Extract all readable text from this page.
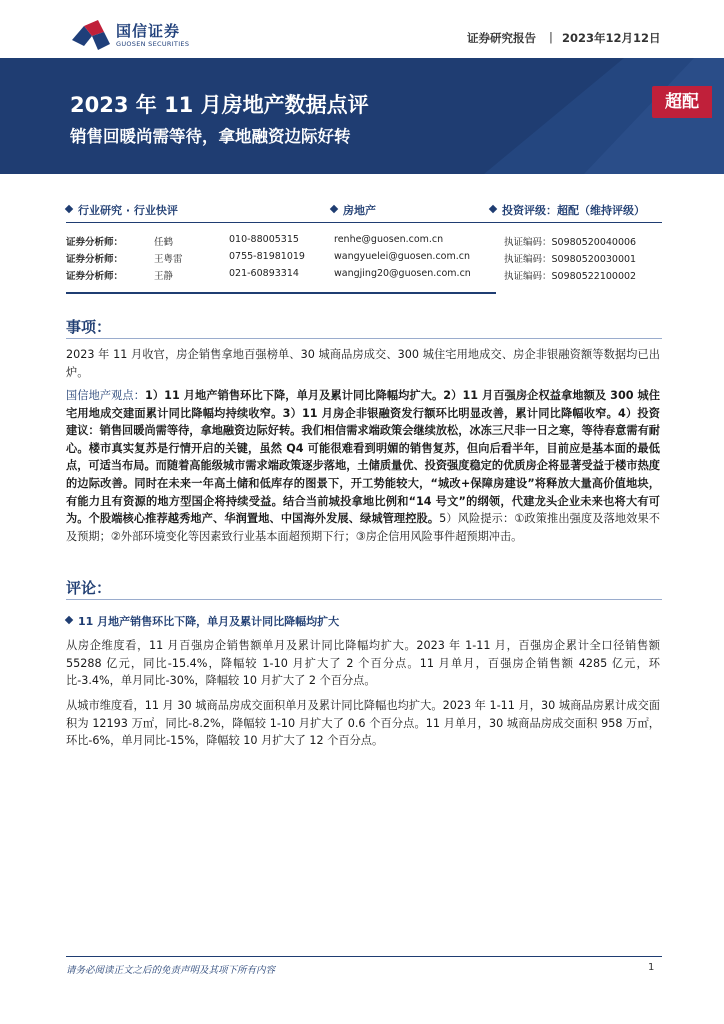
国信证券
GUOSEN SECURITIES	证券研究报告 | 2023年12月12日
2023 年 11 月房地产数据点评
销售回暖尚需等待，拿地融资边际好转
超配
行业研究 · 行业快评	房地产	投资评级：超配（维持评级）
证券分析师：	任鹤	010-88005315	renhe@guosen.com.cn	执证编码：S0980520040006
证券分析师：	王粤雷	0755-81981019	wangyuelei@guosen.com.cn	执证编码：S0980520030001
证券分析师：	王静	021-60893314	wangjing20@guosen.com.cn	执证编码：S0980522100002
事项：
2023 年 11 月收官，房企销售拿地百强榜单、30 城商品房成交、300 城住宅用地成交、房企非银融资额等数据均已出炉。
国信地产观点：1）11 月地产销售环比下降，单月及累计同比降幅均扩大。2）11 月百强房企权益拿地额及 300 城住宅用地成交建面累计同比降幅均持续收窄。3）11 月房企非银融资发行额环比明显改善，累计同比降幅收窄。4）投资建议：销售回暖尚需等待，拿地融资边际好转。我们相信需求端政策会继续放松，冰冻三尺非一日之寒，等待春意需有耐心。楼市真实复苏是行情开启的关键，虽然 Q4 可能很难看到明媚的销售复苏，但向后看半年，目前应是基本面的最低点，可适当布局。而随着高能级城市需求端政策逐步落地，土储质量优、投资强度稳定的优质房企将显著受益于楼市热度的边际改善。同时在未来一年高土储和低库存的图景下，开工势能较大，“城改+保障房建设”将释放大量高价值地块，有能力且有资源的地方型国企将持续受益。结合当前城投拿地比例和“14 号文”的纲领，代建龙头企业未来也将大有可为。个股端核心推荐越秀地产、华润置地、中国海外发展、绿城管理控股。5）风险提示：①政策推出强度及落地效果不及预期；②外部环境变化等因素致行业基本面超预期下行；③房企信用风险事件超预期冲击。
评论：
11 月地产销售环比下降，单月及累计同比降幅均扩大
从房企维度看，11 月百强房企销售额单月及累计同比降幅均扩大。2023 年 1-11 月，百强房企累计全口径销售额 55288 亿元，同比-15.4%，降幅较 1-10 月扩大了 2 个百分点。11 月单月，百强房企销售额 4285 亿元，环比-3.4%，单月同比-30%，降幅较 10 月扩大了 2 个百分点。
从城市维度看，11 月 30 城商品房成交面积单月及累计同比降幅也均扩大。2023 年 1-11 月，30 城商品房累计成交面积为 12193 万㎡，同比-8.2%，降幅较 1-10 月扩大了 0.6 个百分点。11 月单月，30 城商品房成交面积 958 万㎡，环比-6%，单月同比-15%，降幅较 10 月扩大了 12 个百分点。
请务必阅读正文之后的免责声明及其项下所有内容	1
